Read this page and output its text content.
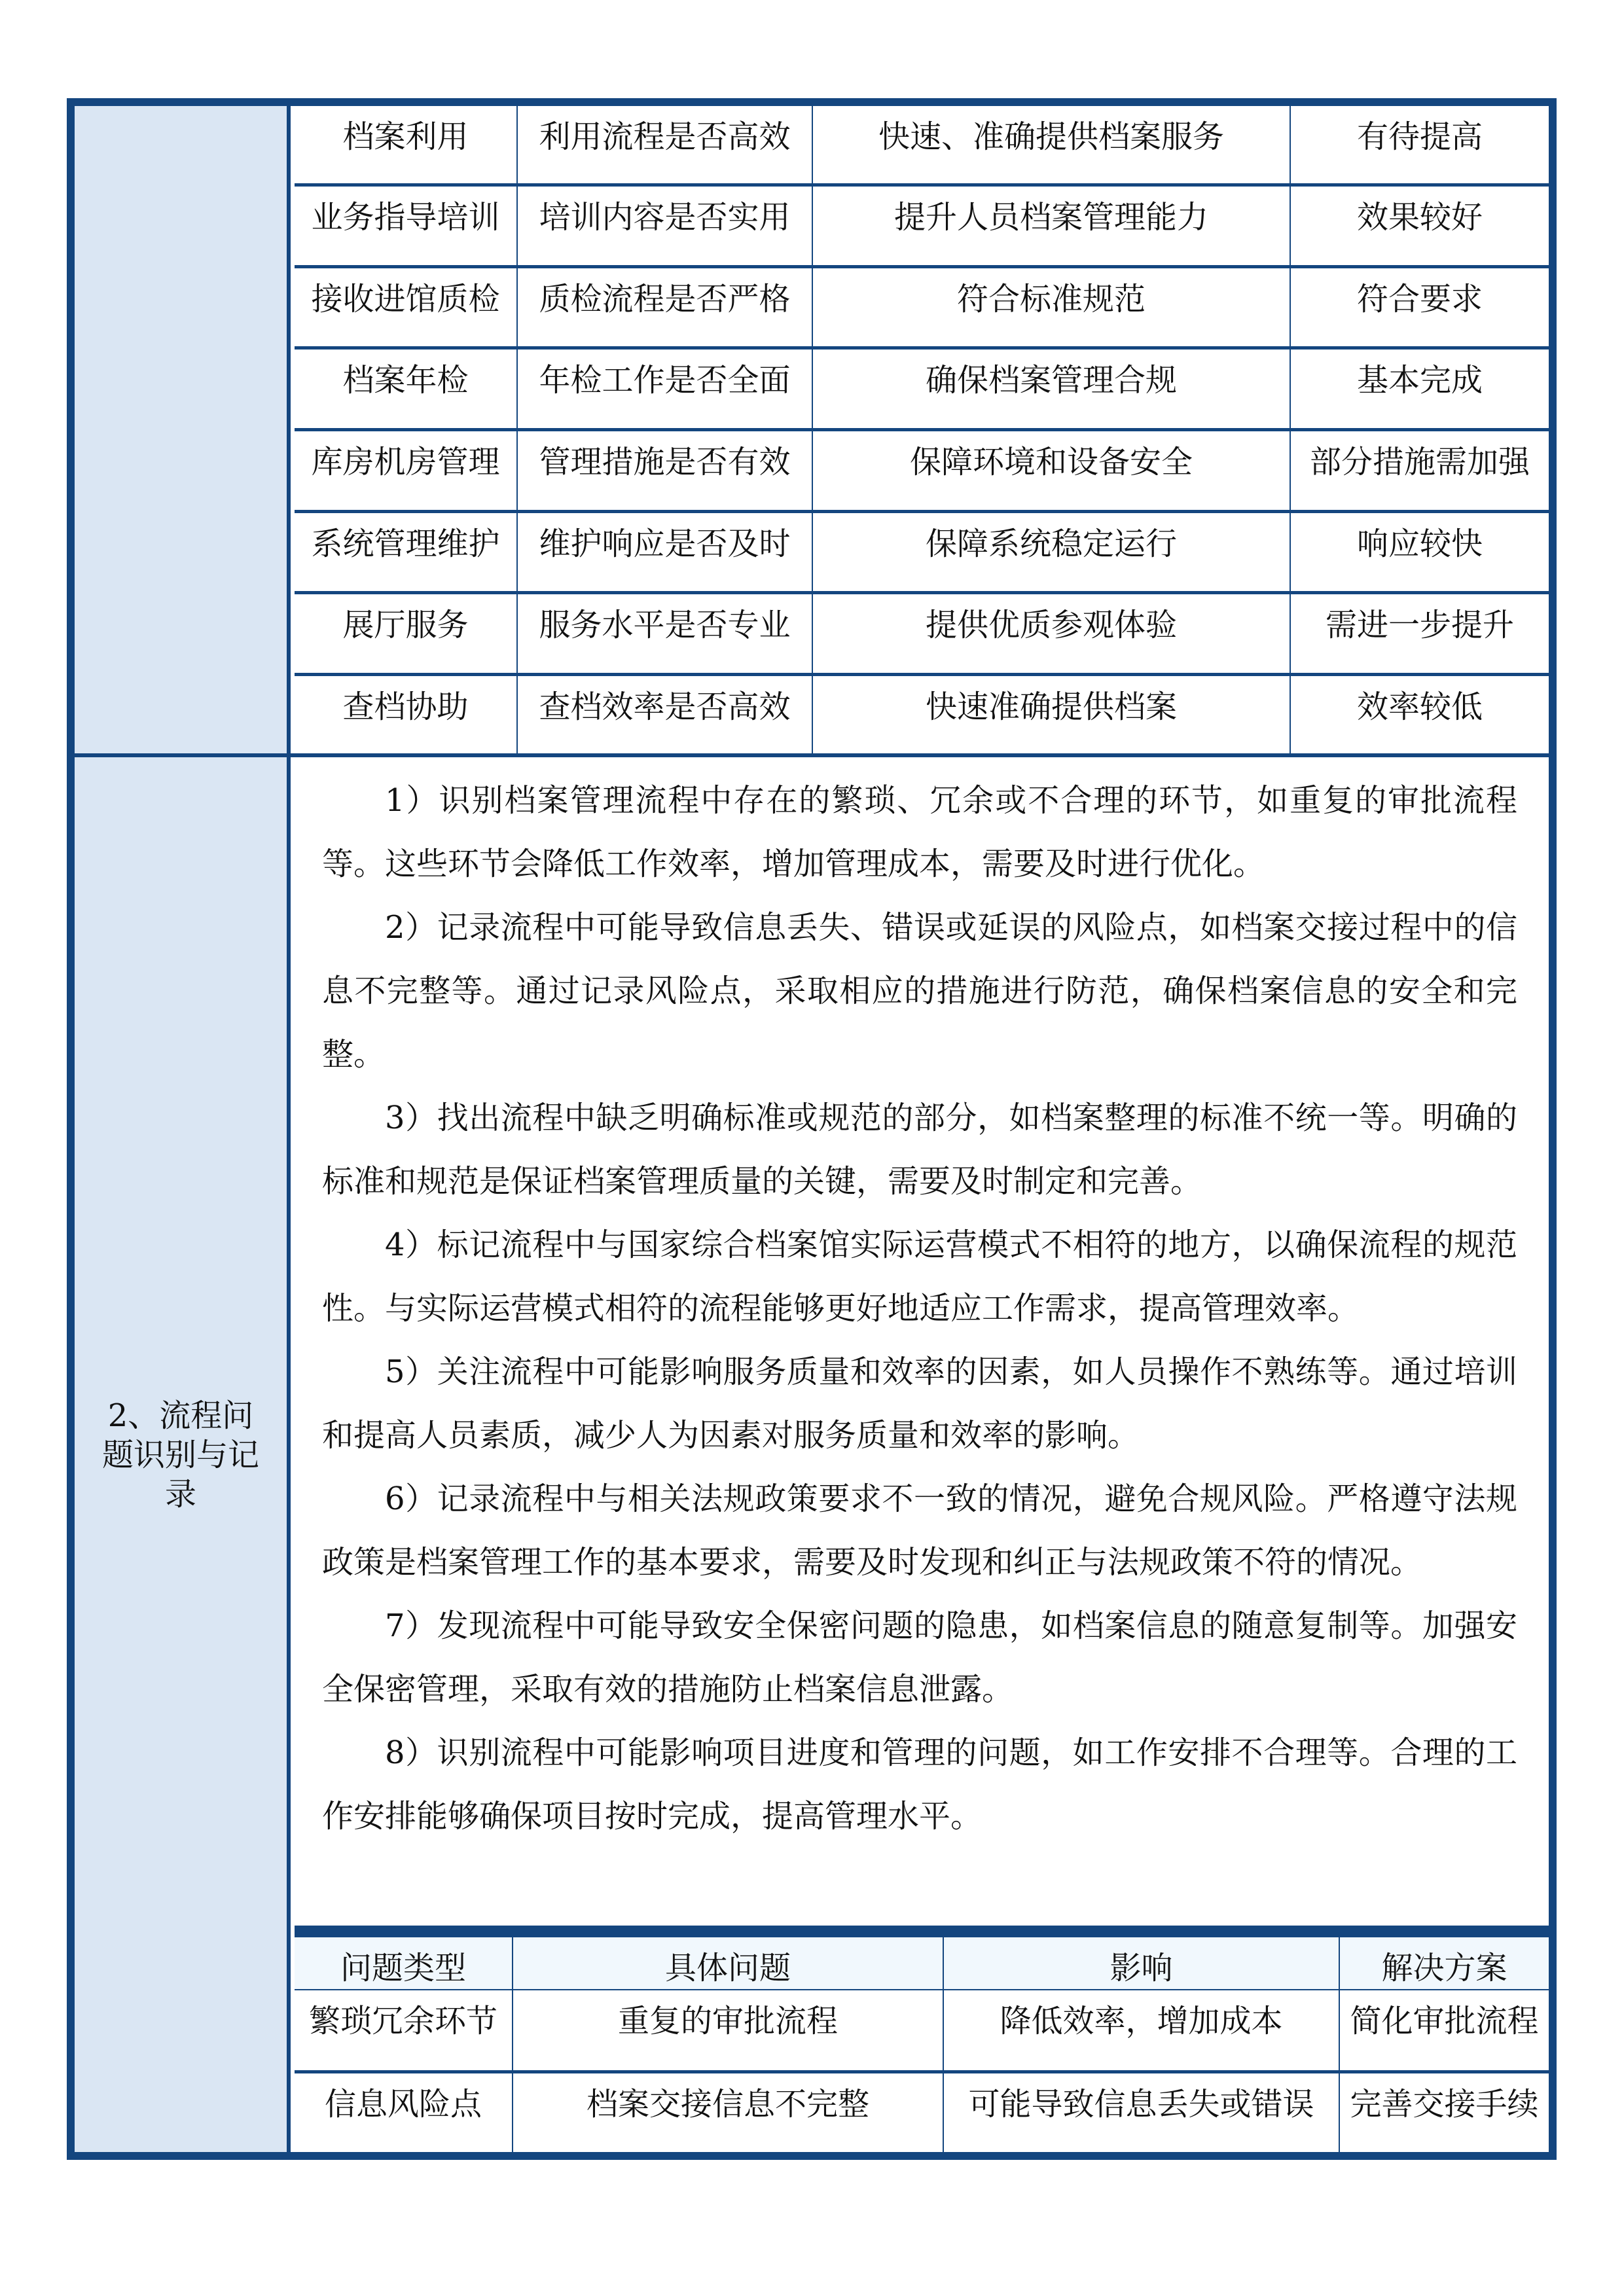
档案利用	利用流程是否高效	快速、准确提供档案服务	有待提高
业务指导培训	培训内容是否实用	提升人员档案管理能力	效果较好
接收进馆质检	质检流程是否严格	符合标准规范	符合要求
档案年检	年检工作是否全面	确保档案管理合规	基本完成
库房机房管理	管理措施是否有效	保障环境和设备安全	部分措施需加强
系统管理维护	维护响应是否及时	保障系统稳定运行	响应较快
展厅服务	服务水平是否专业	提供优质参观体验	需进一步提升
查档协助	查档效率是否高效	快速准确提供档案	效率较低
2、流程问题识别与记录

1）识别档案管理流程中存在的繁琐、冗余或不合理的环节，如重复的审批流程等。这些环节会降低工作效率，增加管理成本，需要及时进行优化。

2）记录流程中可能导致信息丢失、错误或延误的风险点，如档案交接过程中的信息不完整等。通过记录风险点，采取相应的措施进行防范，确保档案信息的安全和完整。

3）找出流程中缺乏明确标准或规范的部分，如档案整理的标准不统一等。明确的标准和规范是保证档案管理质量的关键，需要及时制定和完善。

4）标记流程中与国家综合档案馆实际运营模式不相符的地方，以确保流程的规范性。与实际运营模式相符的流程能够更好地适应工作需求，提高管理效率。

5）关注流程中可能影响服务质量和效率的因素，如人员操作不熟练等。通过培训和提高人员素质，减少人为因素对服务质量和效率的影响。

6）记录流程中与相关法规政策要求不一致的情况，避免合规风险。严格遵守法规政策是档案管理工作的基本要求，需要及时发现和纠正与法规政策不符的情况。

7）发现流程中可能导致安全保密问题的隐患，如档案信息的随意复制等。加强安全保密管理，采取有效的措施防止档案信息泄露。

8）识别流程中可能影响项目进度和管理的问题，如工作安排不合理等。合理的工作安排能够确保项目按时完成，提高管理水平。

问题类型	具体问题	影响	解决方案
繁琐冗余环节	重复的审批流程	降低效率，增加成本	简化审批流程
信息风险点	档案交接信息不完整	可能导致信息丢失或错误	完善交接手续
